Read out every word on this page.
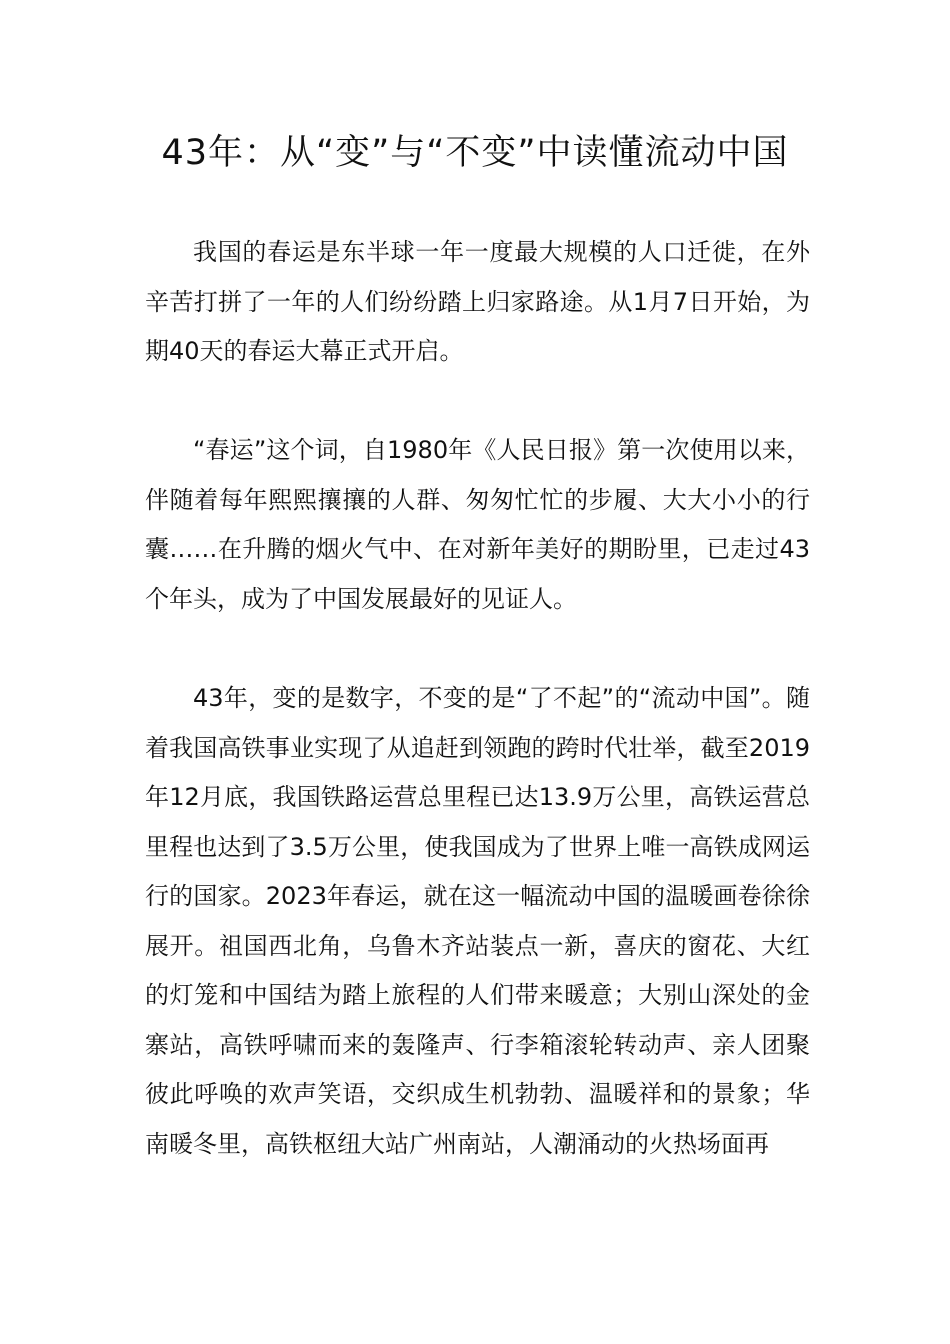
43年：从“变”与“不变”中读懂流动中国

我国的春运是东半球一年一度最大规模的人口迁徙，在外辛苦打拼了一年的人们纷纷踏上归家路途。从1月7日开始，为期40天的春运大幕正式开启。

“春运”这个词，自1980年《人民日报》第一次使用以来，伴随着每年熙熙攘攘的人群、匆匆忙忙的步履、大大小小的行囊……在升腾的烟火气中、在对新年美好的期盼里，已走过43个年头，成为了中国发展最好的见证人。

43年，变的是数字，不变的是“了不起”的“流动中国”。随着我国高铁事业实现了从追赶到领跑的跨时代壮举，截至2019年12月底，我国铁路运营总里程已达13.9万公里，高铁运营总里程也达到了3.5万公里，使我国成为了世界上唯一高铁成网运行的国家。2023年春运，就在这一幅流动中国的温暖画卷徐徐展开。祖国西北角，乌鲁木齐站装点一新，喜庆的窗花、大红的灯笼和中国结为踏上旅程的人们带来暖意；大别山深处的金寨站，高铁呼啸而来的轰隆声、行李箱滚轮转动声、亲人团聚彼此呼唤的欢声笑语，交织成生机勃勃、温暖祥和的景象；华南暖冬里，高铁枢纽大站广州南站，人潮涌动的火热场面再
